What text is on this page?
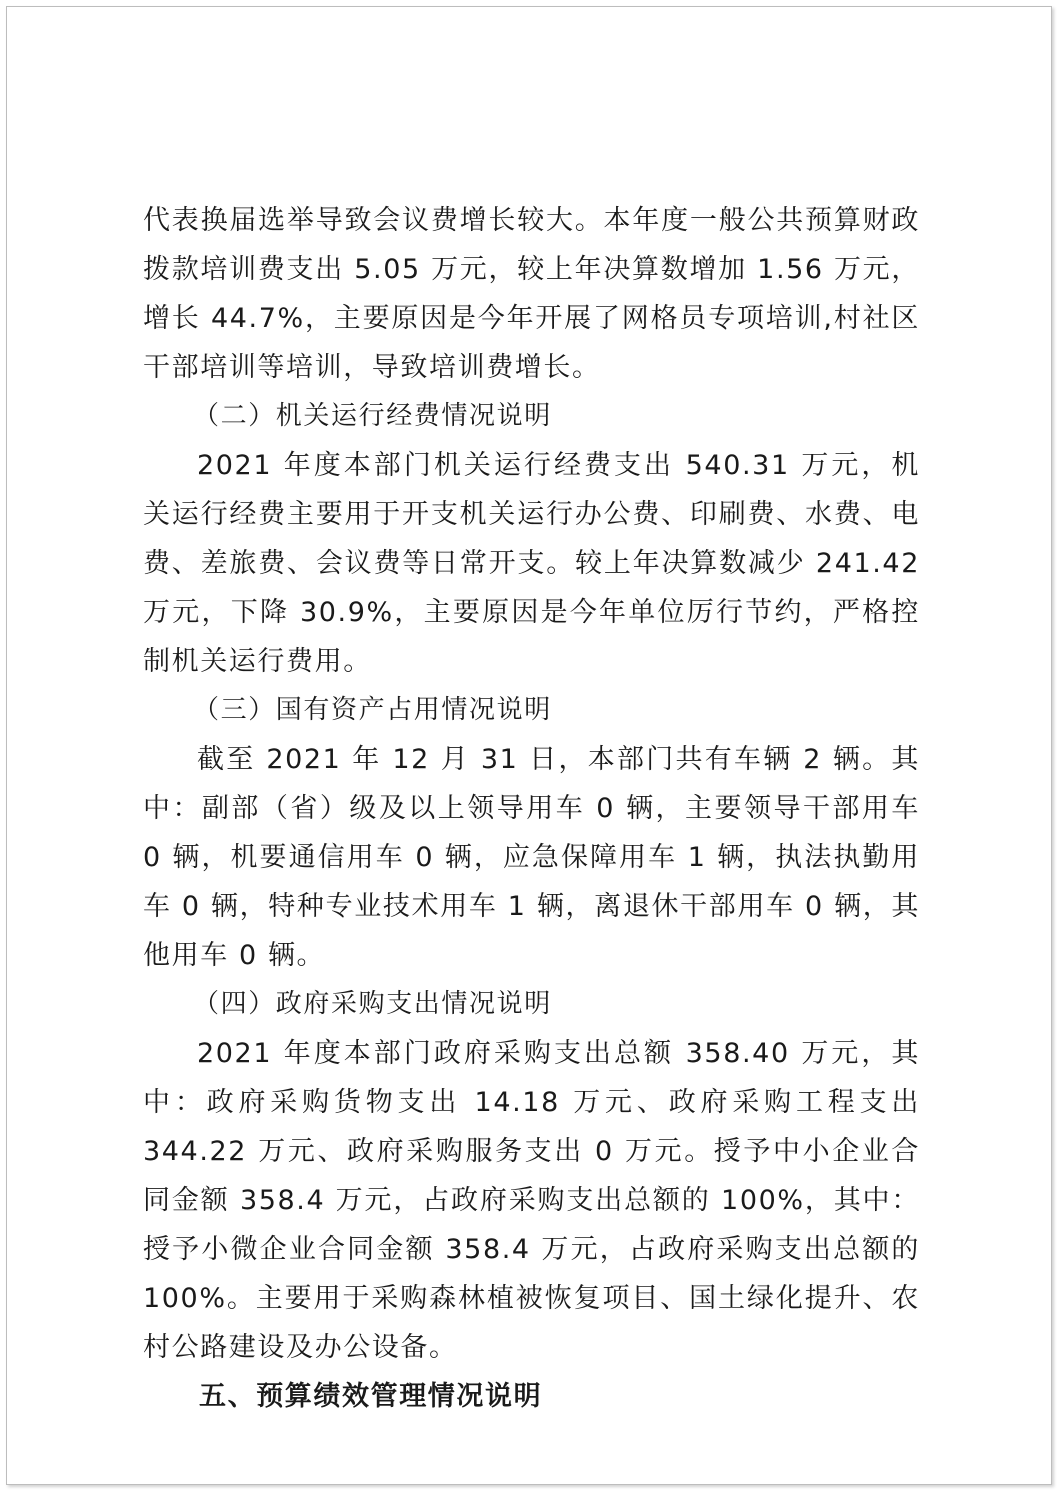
代表换届选举导致会议费增长较大。本年度一般公共预算财政拨款培训费支出 5.05 万元，较上年决算数增加 1.56 万元，增长 44.7%，主要原因是今年开展了网格员专项培训,村社区干部培训等培训，导致培训费增长。

（二）机关运行经费情况说明

2021 年度本部门机关运行经费支出 540.31 万元，机关运行经费主要用于开支机关运行办公费、印刷费、水费、电费、差旅费、会议费等日常开支。较上年决算数减少 241.42 万元，下降 30.9%，主要原因是今年单位厉行节约，严格控制机关运行费用。

（三）国有资产占用情况说明

截至 2021 年 12 月 31 日，本部门共有车辆 2 辆。其中：副部（省）级及以上领导用车 0 辆，主要领导干部用车 0 辆，机要通信用车 0 辆，应急保障用车 1 辆，执法执勤用车 0 辆，特种专业技术用车 1 辆，离退休干部用车 0 辆，其他用车 0 辆。

（四）政府采购支出情况说明

2021 年度本部门政府采购支出总额 358.40 万元，其中：政府采购货物支出 14.18 万元、政府采购工程支出 344.22 万元、政府采购服务支出 0 万元。授予中小企业合同金额 358.4 万元，占政府采购支出总额的 100%，其中：授予小微企业合同金额 358.4 万元，占政府采购支出总额的 100%。主要用于采购森林植被恢复项目、国土绿化提升、农村公路建设及办公设备。

五、预算绩效管理情况说明
